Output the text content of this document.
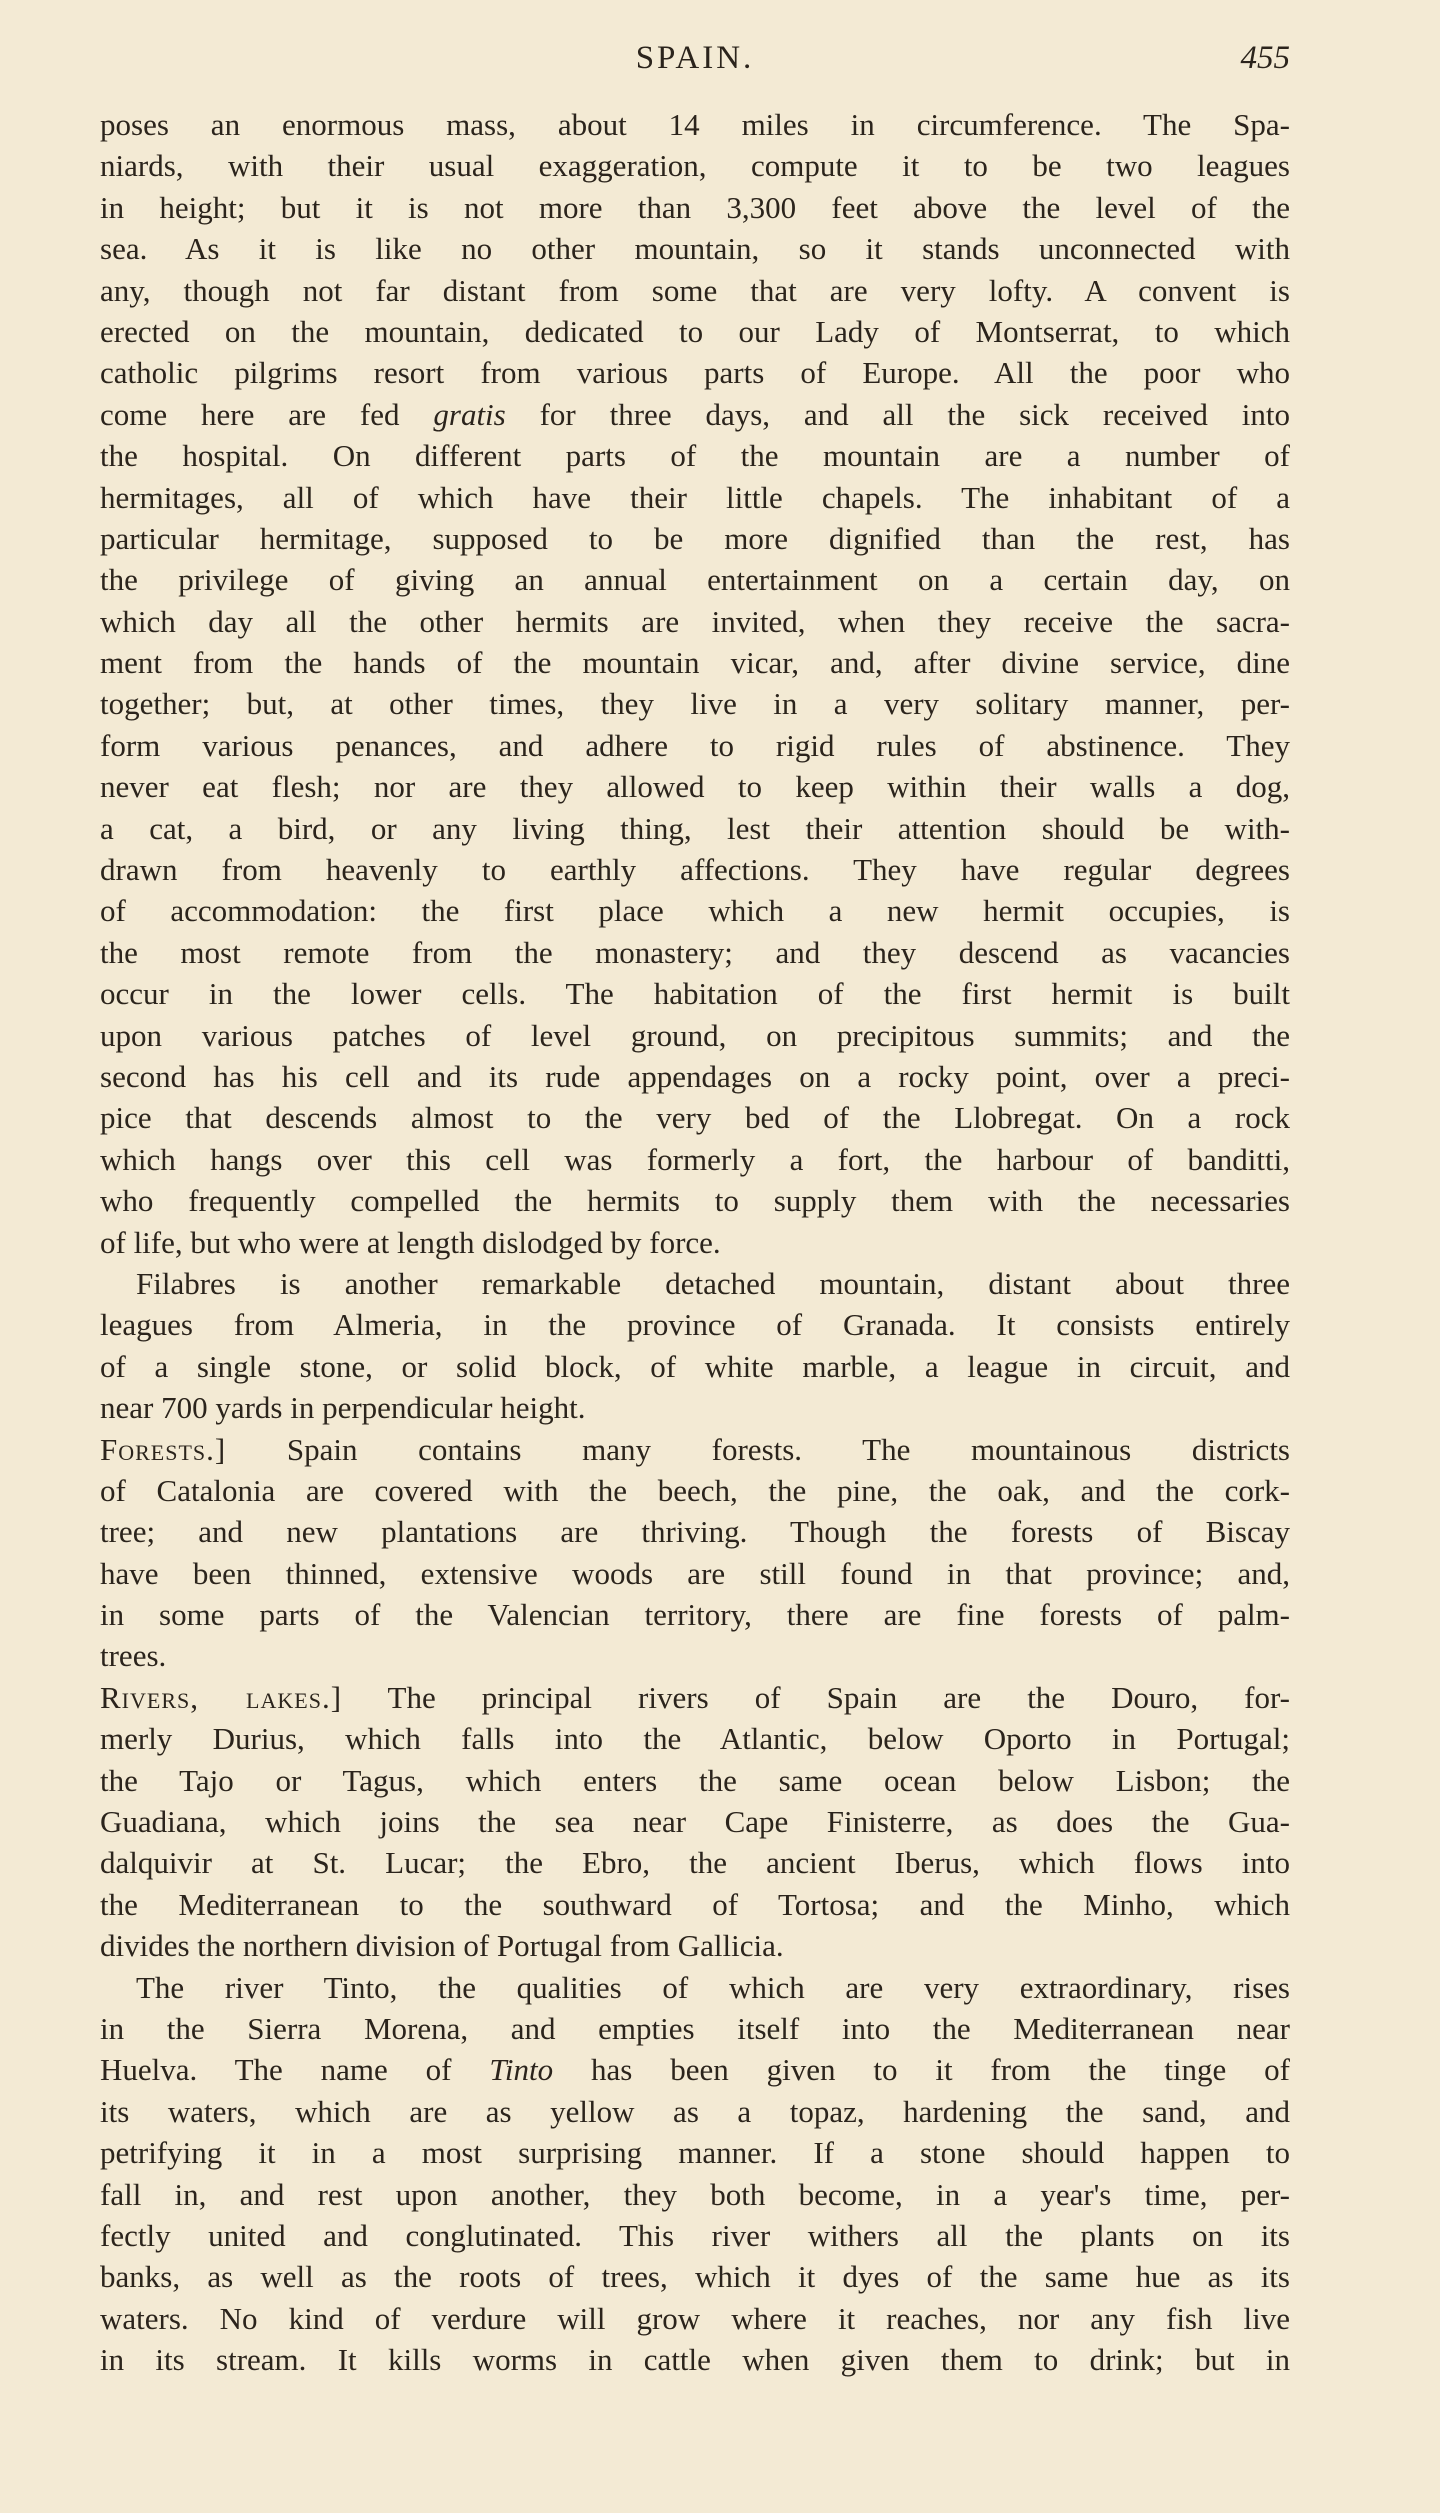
SPAIN.	455
poses an enormous mass, about 14 miles in circumference. The Spa-
niards, with their usual exaggeration, compute it to be two leagues
in height; but it is not more than 3,300 feet above the level of the
sea. As it is like no other mountain, so it stands unconnected with
any, though not far distant from some that are very lofty. A convent is
erected on the mountain, dedicated to our Lady of Montserrat, to which
catholic pilgrims resort from various parts of Europe. All the poor who
come here are fed gratis for three days, and all the sick received into
the hospital. On different parts of the mountain are a number of
hermitages, all of which have their little chapels. The inhabitant of a
particular hermitage, supposed to be more dignified than the rest, has
the privilege of giving an annual entertainment on a certain day, on
which day all the other hermits are invited, when they receive the sacra-
ment from the hands of the mountain vicar, and, after divine service, dine
together; but, at other times, they live in a very solitary manner, per-
form various penances, and adhere to rigid rules of abstinence. They
never eat flesh; nor are they allowed to keep within their walls a dog,
a cat, a bird, or any living thing, lest their attention should be with-
drawn from heavenly to earthly affections. They have regular degrees
of accommodation: the first place which a new hermit occupies, is
the most remote from the monastery; and they descend as vacancies
occur in the lower cells. The habitation of the first hermit is built
upon various patches of level ground, on precipitous summits; and the
second has his cell and its rude appendages on a rocky point, over a preci-
pice that descends almost to the very bed of the Llobregat. On a rock
which hangs over this cell was formerly a fort, the harbour of banditti,
who frequently compelled the hermits to supply them with the necessaries
of life, but who were at length dislodged by force.
Filabres is another remarkable detached mountain, distant about three
leagues from Almeria, in the province of Granada. It consists entirely
of a single stone, or solid block, of white marble, a league in circuit, and
near 700 yards in perpendicular height.
Forests.] Spain contains many forests. The mountainous districts
of Catalonia are covered with the beech, the pine, the oak, and the cork-
tree; and new plantations are thriving. Though the forests of Biscay
have been thinned, extensive woods are still found in that province; and,
in some parts of the Valencian territory, there are fine forests of palm-
trees.
Rivers, lakes.] The principal rivers of Spain are the Douro, for-
merly Durius, which falls into the Atlantic, below Oporto in Portugal;
the Tajo or Tagus, which enters the same ocean below Lisbon; the
Guadiana, which joins the sea near Cape Finisterre, as does the Gua-
dalquivir at St. Lucar; the Ebro, the ancient Iberus, which flows into
the Mediterranean to the southward of Tortosa; and the Minho, which
divides the northern division of Portugal from Gallicia.
The river Tinto, the qualities of which are very extraordinary, rises
in the Sierra Morena, and empties itself into the Mediterranean near
Huelva. The name of Tinto has been given to it from the tinge of
its waters, which are as yellow as a topaz, hardening the sand, and
petrifying it in a most surprising manner. If a stone should happen to
fall in, and rest upon another, they both become, in a year's time, per-
fectly united and conglutinated. This river withers all the plants on its
banks, as well as the roots of trees, which it dyes of the same hue as its
waters. No kind of verdure will grow where it reaches, nor any fish live
in its stream. It kills worms in cattle when given them to drink; but in
